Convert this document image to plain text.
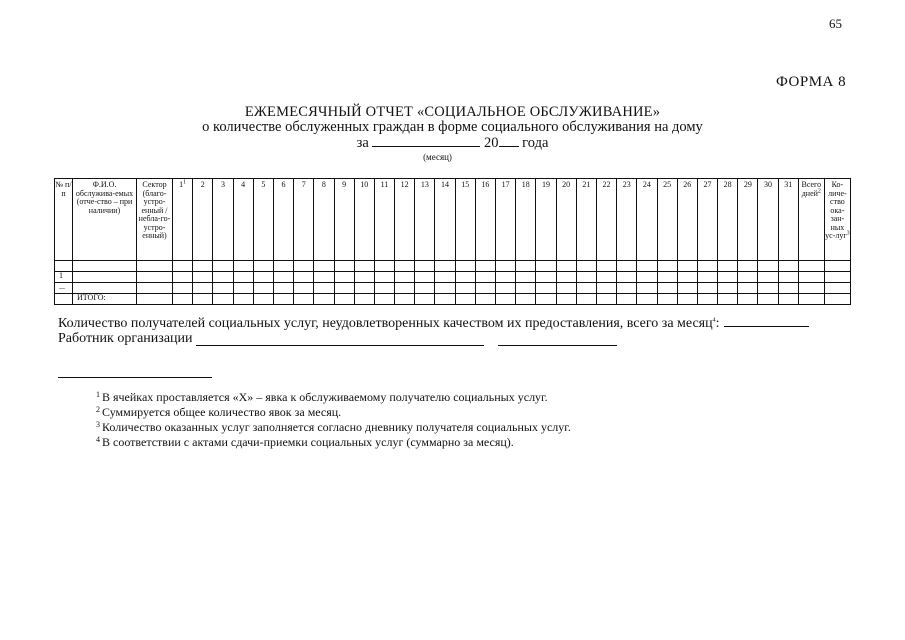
65
ФОРМА 8
ЕЖЕМЕСЯЧНЫЙ ОТЧЕТ «СОЦИАЛЬНОЕ ОБСЛУЖИВАНИЕ»
о количестве обслуженных граждан в форме социального обслуживания на дому
за	20 года
(месяц)
№ п/п	Ф.И.О. обслужива-емых (отче-ство – при наличии)	Сектор (благо-устро-енный / небла-го-устро-енный)	$1^1$	2	3	4	5	6	7	8	9	10	11	12	13	14	15	16	17	18	19	20	21	22	23	24	25	26	27	28	29	30	31	Всего дней$^2$	Ко-личе-ство ока-зан-ных ус-луг$^3$

1																																			
...																																			
	ИТОГО:																																		
Количество получателей социальных услуг, неудовлетворенных качеством их предоставления, всего за месяц$^4$:
Работник организации
$^1$ В ячейках проставляется «Х» – явка к обслуживаемому получателю социальных услуг.
$^2$ Суммируется общее количество явок за месяц.
$^3$ Количество оказанных услуг заполняется согласно дневнику получателя социальных услуг.
$^4$ В соответствии с актами сдачи-приемки социальных услуг (суммарно за месяц).
